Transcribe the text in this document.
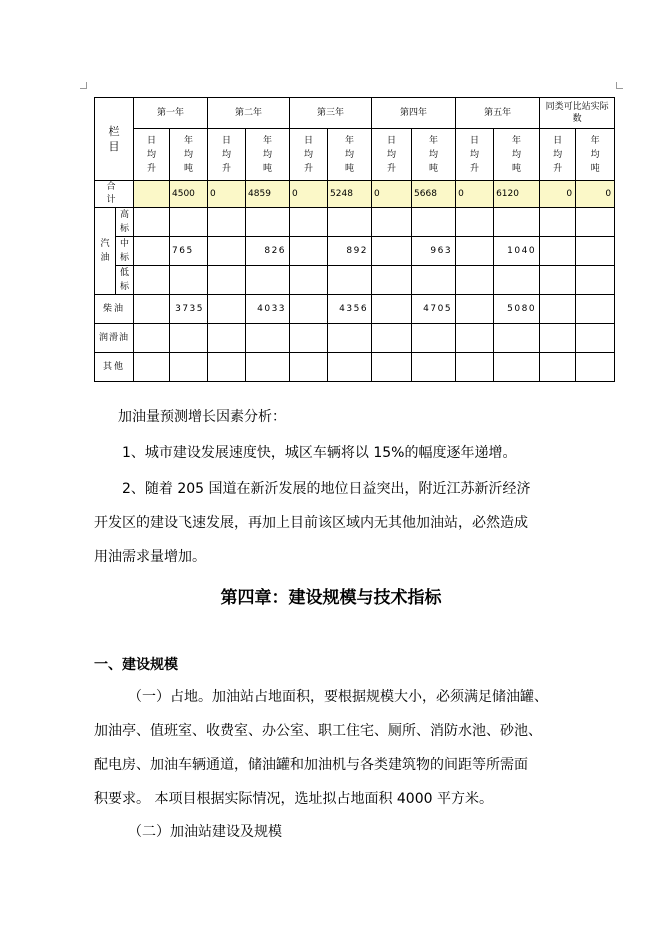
栏目		第一年		第二年		第三年		第四年		第五年		同类可比站实际数	
		日均升	年均吨	日均升	年均吨	日均升	年均吨	日均升	年均吨	日均升	年均吨	日均升	年均吨
合 计			4500	0	4859	0	5248	0	5668	0	6120	0	0
汽油	高标												
	中标		765		826		892		963		1040		
	低标												
柴油			3735		4033		4356		4705		5080		
润滑油													
其他													

加油量预测增长因素分析：

1、城市建设发展速度快，城区车辆将以 15%的幅度逐年递增。

2、随着 205 国道在新沂发展的地位日益突出，附近江苏新沂经济

开发区的建设飞速发展，再加上目前该区域内无其他加油站，必然造成

用油需求量增加。

第四章：建设规模与技术指标

一、建设规模

（一）占地。加油站占地面积，要根据规模大小，必须满足储油罐、

加油亭、值班室、收费室、办公室、职工住宅、厕所、消防水池、砂池、

配电房、加油车辆通道，储油罐和加油机与各类建筑物的间距等所需面

积要求。 本项目根据实际情况，选址拟占地面积 4000 平方米。

（二）加油站建设及规模
